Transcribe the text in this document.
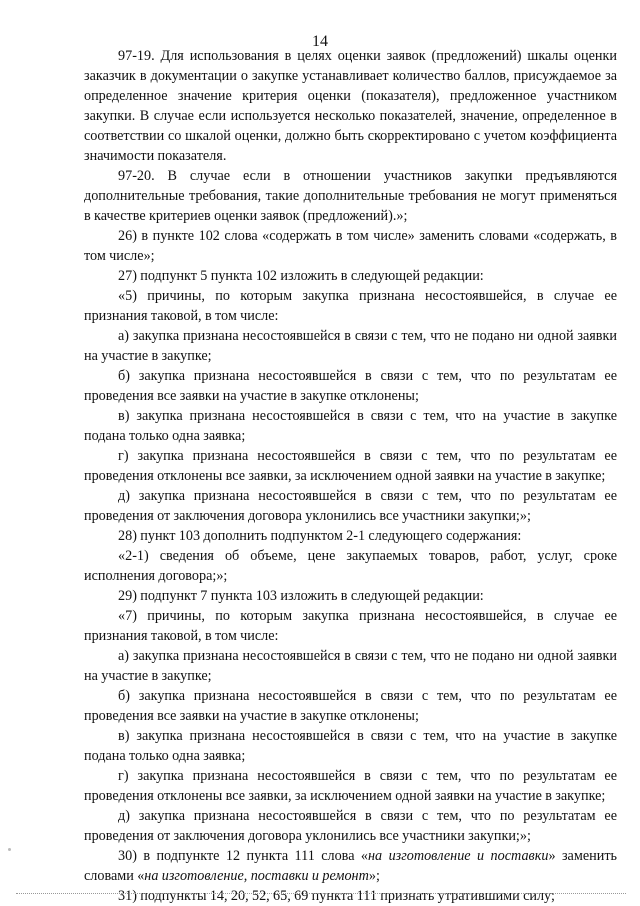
14

97-19. Для использования в целях оценки заявок (предложений) шкалы оценки заказчик в документации о закупке устанавливает количество баллов, присуждаемое за определенное значение критерия оценки (показателя), предложенное участником закупки. В случае если используется несколько показателей, значение, определенное в соответствии со шкалой оценки, должно быть скорректировано с учетом коэффициента значимости показателя.

97-20. В случае если в отношении участников закупки предъявляются дополнительные требования, такие дополнительные требования не могут применяться в качестве критериев оценки заявок (предложений).»;

26) в пункте 102 слова «содержать в том числе» заменить словами «содержать, в том числе»;

27) подпункт 5 пункта 102 изложить в следующей редакции:

«5) причины, по которым закупка признана несостоявшейся, в случае ее признания таковой, в том числе:

а) закупка признана несостоявшейся в связи с тем, что не подано ни одной заявки на участие в закупке;

б) закупка признана несостоявшейся в связи с тем, что по результатам ее проведения все заявки на участие в закупке отклонены;

в) закупка признана несостоявшейся в связи с тем, что на участие в закупке подана только одна заявка;

г) закупка признана несостоявшейся в связи с тем, что по результатам ее проведения отклонены все заявки, за исключением одной заявки на участие в закупке;

д) закупка признана несостоявшейся в связи с тем, что по результатам ее проведения от заключения договора уклонились все участники закупки;»;

28) пункт 103 дополнить подпунктом 2-1 следующего содержания:

«2-1) сведения об объеме, цене закупаемых товаров, работ, услуг, сроке исполнения договора;»;

29) подпункт 7 пункта 103 изложить в следующей редакции:

«7) причины, по которым закупка признана несостоявшейся, в случае ее признания таковой, в том числе:

а) закупка признана несостоявшейся в связи с тем, что не подано ни одной заявки на участие в закупке;

б) закупка признана несостоявшейся в связи с тем, что по результатам ее проведения все заявки на участие в закупке отклонены;

в) закупка признана несостоявшейся в связи с тем, что на участие в закупке подана только одна заявка;

г) закупка признана несостоявшейся в связи с тем, что по результатам ее проведения отклонены все заявки, за исключением одной заявки на участие в закупке;

д) закупка признана несостоявшейся в связи с тем, что по результатам ее проведения от заключения договора уклонились все участники закупки;»;

30) в подпункте 12 пункта 111 слова «на изготовление и поставки» заменить словами «на изготовление, поставки и ремонт»;

31) подпункты 14, 20, 52, 65, 69 пункта 111 признать утратившими силу;
